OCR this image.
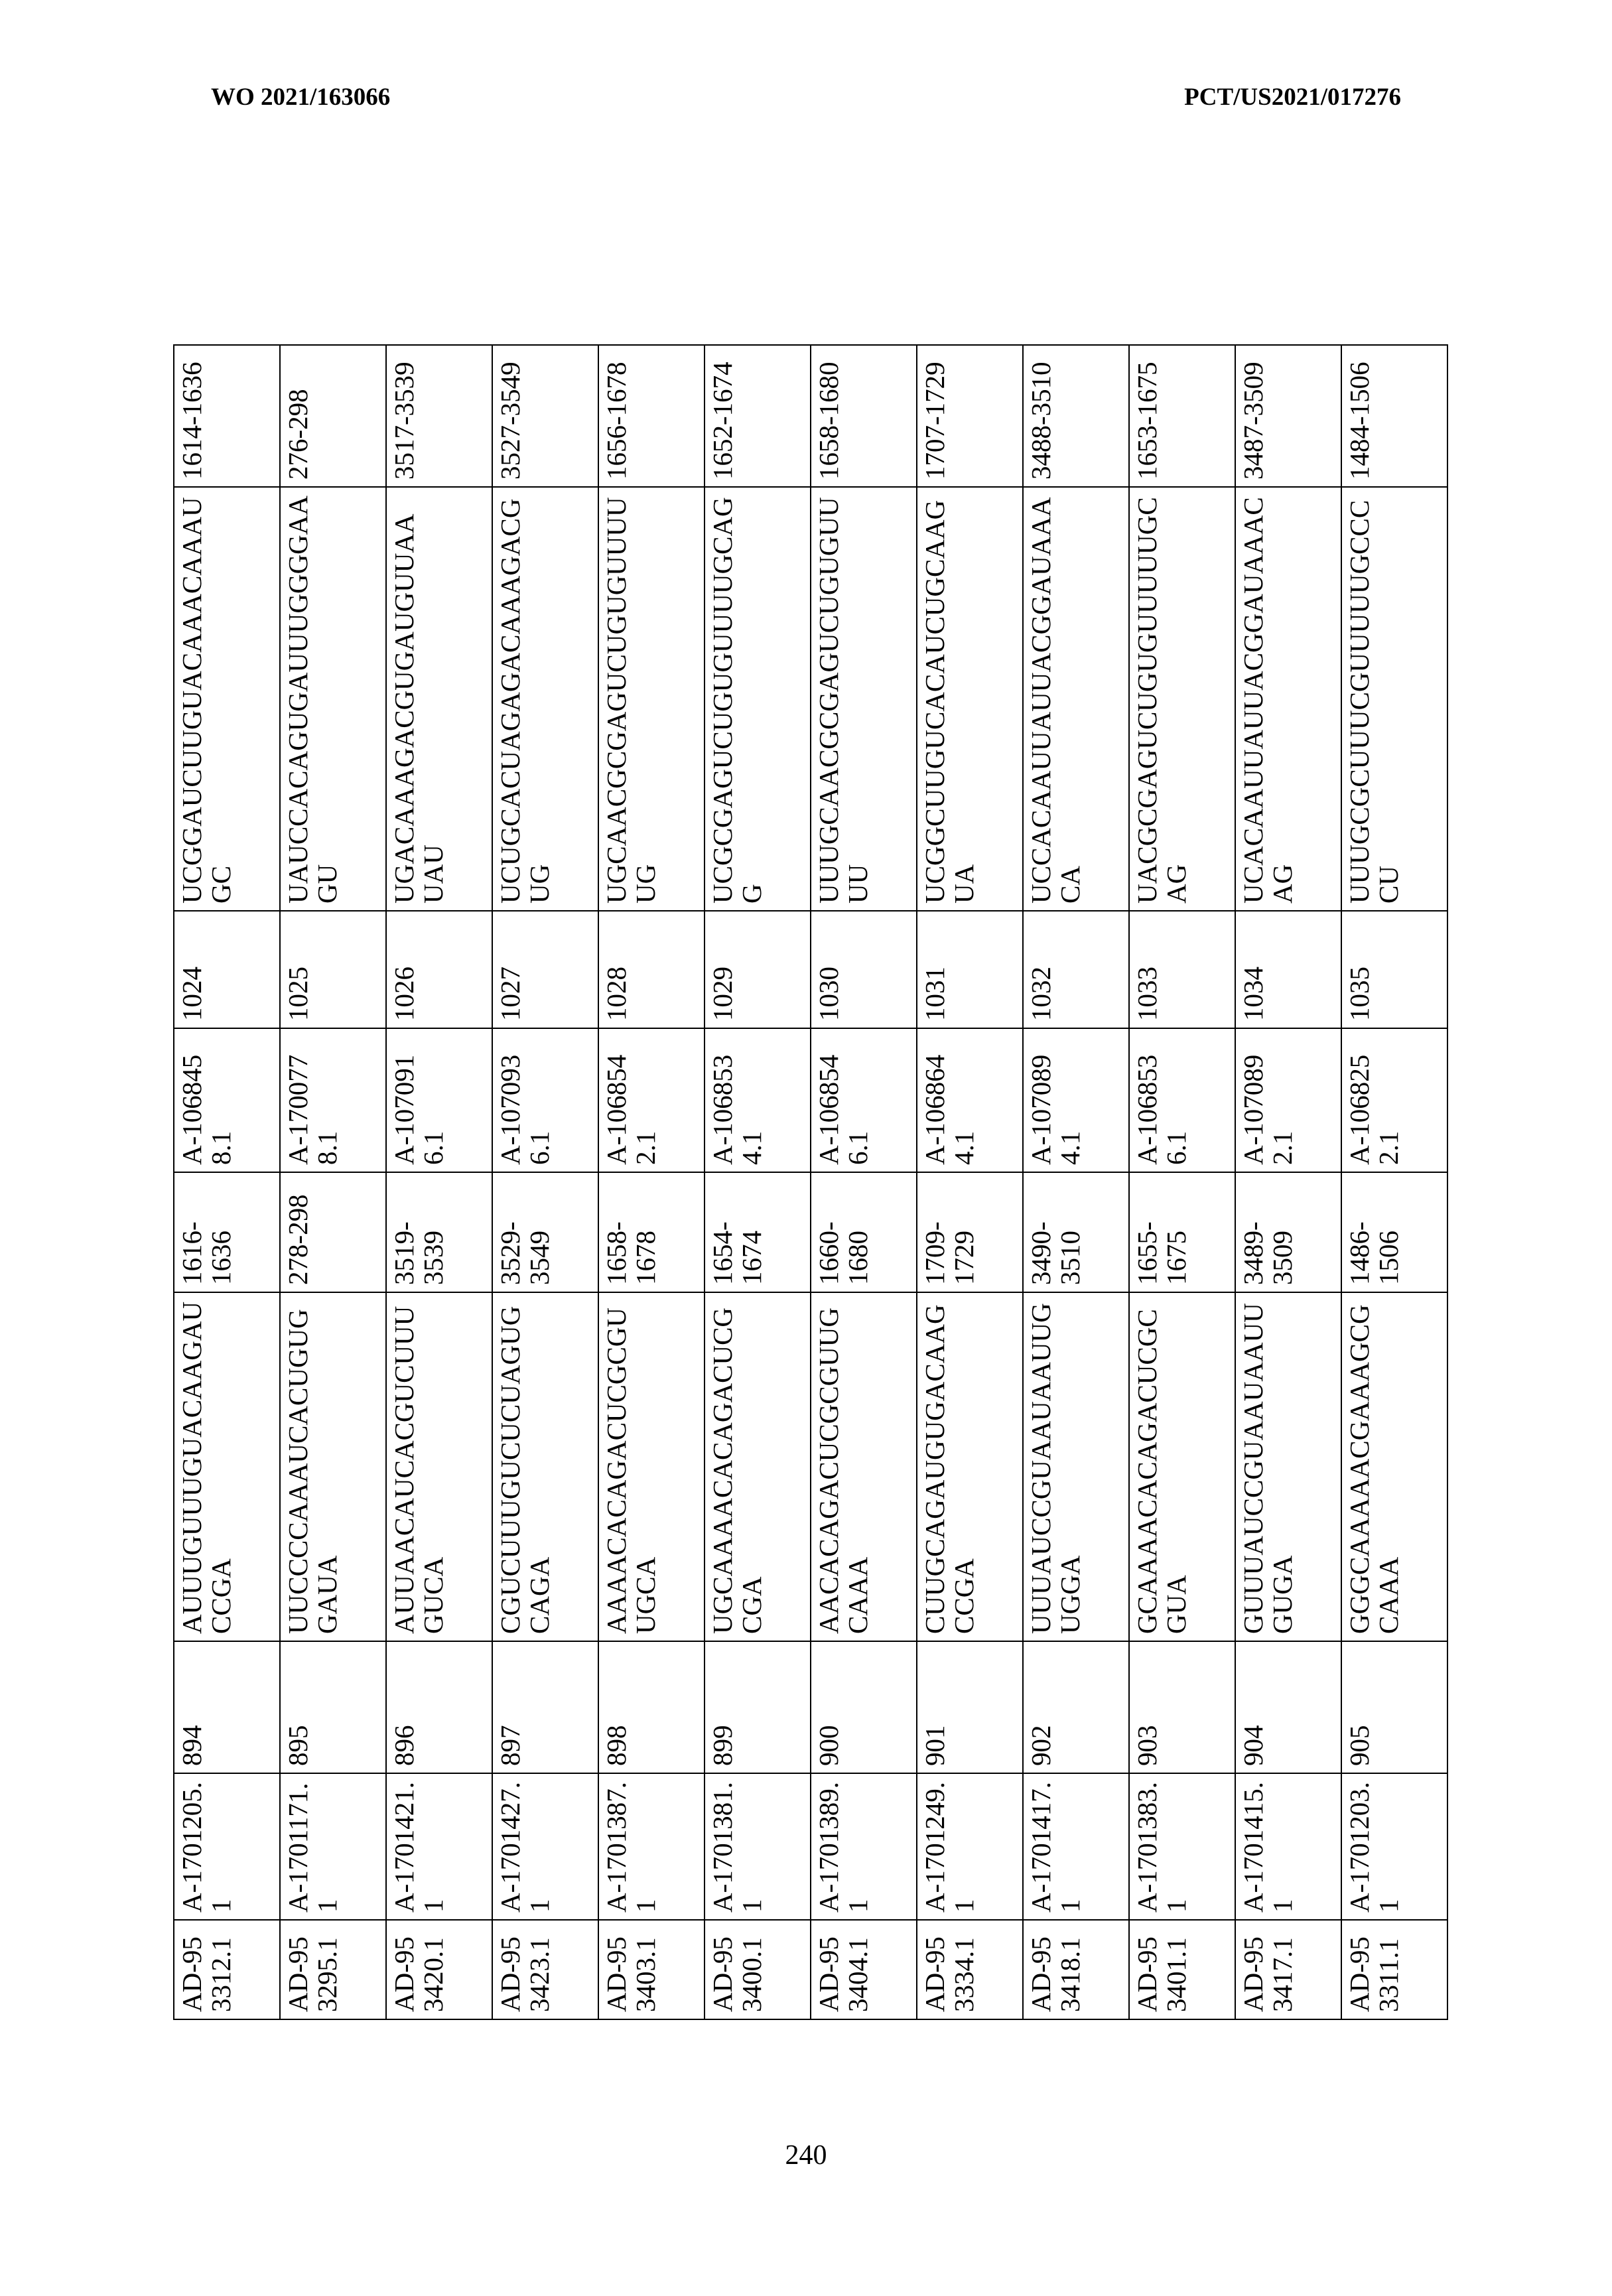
WO 2021/163066	PCT/US2021/017276
AD-953312.1	A-1701205.1	894	AUUUGUUUGUACAAGAUCCGA	1616-1636	A-1068458.1	1024	UCGGAUCUUGUACAAACAAAUGC	1614-1636
AD-953295.1	A-1701171.1	895	UUCCCCAAAUCACUGUGGAUA	278-298	A-1700778.1	1025	UAUCCACAGUGAUUUGGGGAAGU	276-298
AD-953420.1	A-1701421.1	896	AUUAACAUCACGUCUUUGUCA	3519-3539	A-1070916.1	1026	UGACAAAGACGUGAUGUUAAUAU	3517-3539
AD-953423.1	A-1701427.1	897	CGUCUUUGUCUCUAGUGCAGA	3529-3549	A-1070936.1	1027	UCUGCACUAGAGACAAAGACGUG	3527-3549
AD-953403.1	A-1701387.1	898	AAAACACAGACUCGCGUUGCA	1658-1678	A-1068542.1	1028	UGCAACGCGAGUCUGUGUUUUUG	1656-1678
AD-953400.1	A-1701381.1	899	UGCAAAACACAGACUCGCGA	1654-1674	A-1068534.1	1029	UCGCGAGUCUGUGUUUUGCAGG	1652-1674
AD-953404.1	A-1701389.1	900	AACACAGACUCGCGUUGCAAA	1660-1680	A-1068546.1	1030	UUUGCAACGCGAGUCUGUGUUUU	1658-1680
AD-953334.1	A-1701249.1	901	CUUGCAGAUGUGACAAGCCGA	1709-1729	A-1068644.1	1031	UCGGCUUGUCACAUCUGCAAGUA	1707-1729
AD-953418.1	A-1701417.1	902	UUUAUCCGUAAUAAUUGUGGA	3490-3510	A-1070894.1	1032	UCCACAAUUAUUACGGAUAAACA	3488-3510
AD-953401.1	A-1701383.1	903	GCAAAACACAGACUCGCGUA	1655-1675	A-1068536.1	1033	UACGCGAGUCUGUGUUUUUGCAG	1653-1675
AD-953417.1	A-1701415.1	904	GUUUAUCCGUAAUAAUUGUGA	3489-3509	A-1070892.1	1034	UCACAAUUAUUACGGAUAAACAG	3487-3509
AD-953311.1	A-1701203.1	905	GGGCAAAAACGAAAGCGCAAA	1486-1506	A-1068252.1	1035	UUUGCGCUUUCGUUUUUGCCCCU	1484-1506
240
